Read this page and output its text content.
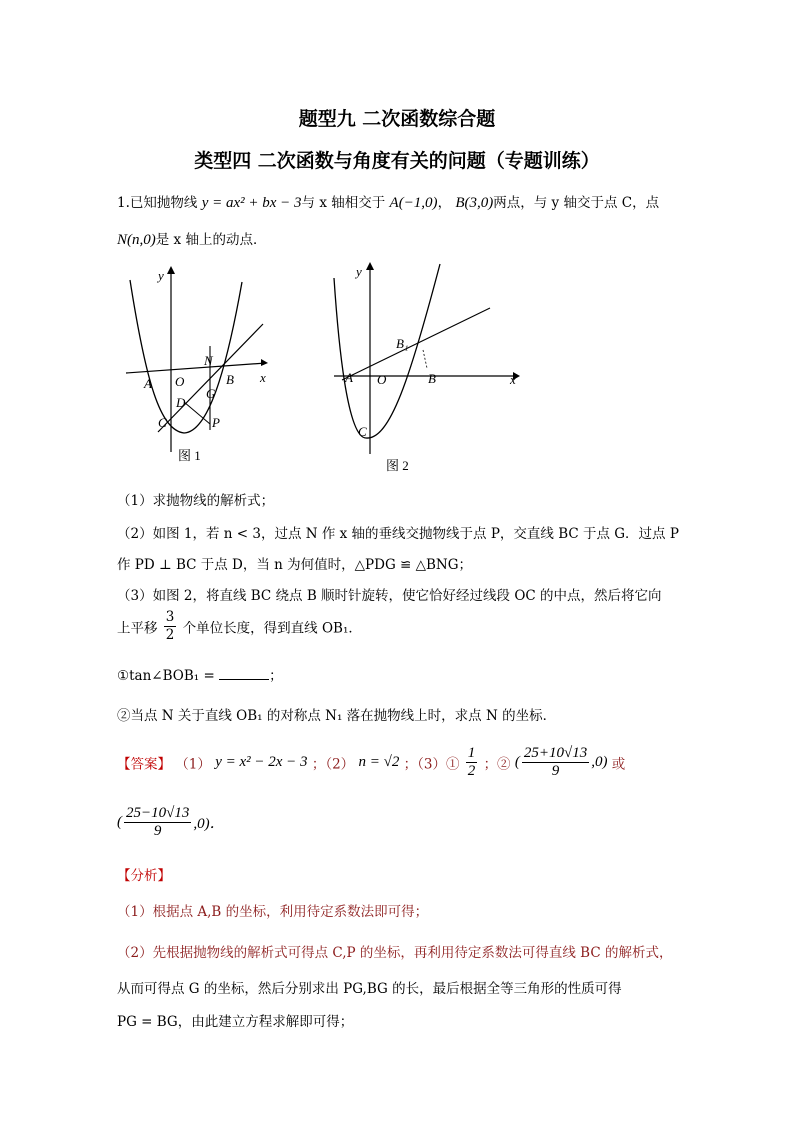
题型九 二次函数综合题
类型四 二次函数与角度有关的问题（专题训练）
1.已知抛物线 y = ax² + bx − 3与 x 轴相交于 A(−1,0)， B(3,0)两点，与 y 轴交于点 C，点
N(n,0)是 x 轴上的动点．
A O
N
B x
y
G
D
C	P
图 1
A O	B
B₁
x
y
C
图 2
（1）求抛物线的解析式；
（2）如图 1，若 n < 3，过点 N 作 x 轴的垂线交抛物线于点 P，交直线 BC 于点 G．过点 P
作 PD ⊥ BC 于点 D，当 n 为何值时，△PDG ≌ △BNG；
（3）如图 2，将直线 BC 绕点 B 顺时针旋转，使它恰好经过线段 OC 的中点，然后将它向
上平移 $\frac{3}{2}$ 个单位长度，得到直线 OB₁．
①tan∠BOB₁ =	；
②当点 N 关于直线 OB₁ 的对称点 N₁ 落在抛物线上时，求点 N 的坐标．
【答案】 （1） y = x² − 2x − 3 ；（2） n = √2 ；（3）① $\frac{1}{2}$ ；② ( $\frac{25+10√13}{9} ,0$) 或
( $\frac{25-10√13}{9} ,0$)．
【分析】
（1）根据点 A,B 的坐标，利用待定系数法即可得；
（2）先根据抛物线的解析式可得点 C,P 的坐标，再利用待定系数法可得直线 BC 的解析式，
从而可得点 G 的坐标，然后分别求出 PG,BG 的长，最后根据全等三角形的性质可得
PG = BG，由此建立方程求解即可得；
